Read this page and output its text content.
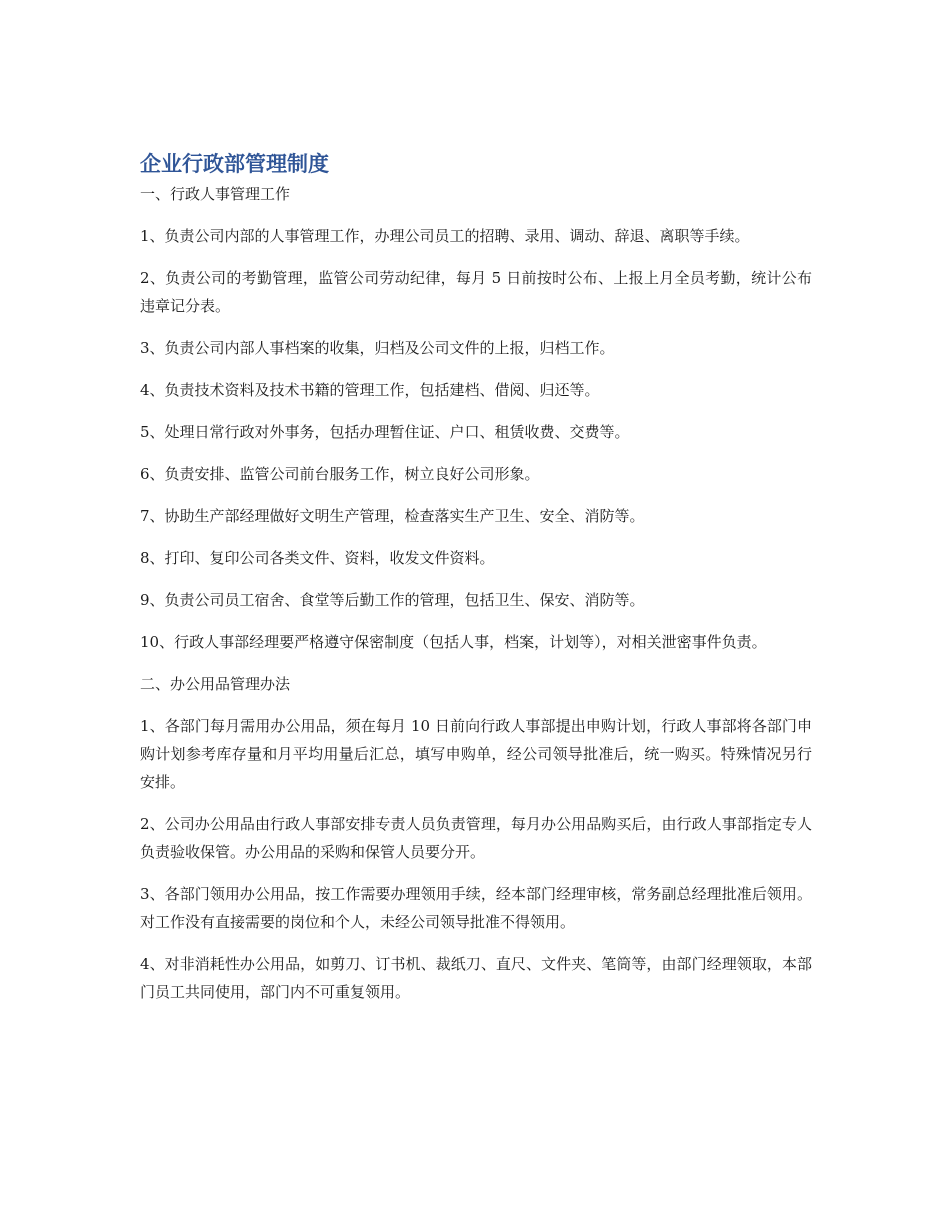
企业行政部管理制度

一、行政人事管理工作

1、负责公司内部的人事管理工作，办理公司员工的招聘、录用、调动、辞退、离职等手续。

2、负责公司的考勤管理，监管公司劳动纪律，每月 5 日前按时公布、上报上月全员考勤，统计公布违章记分表。

3、负责公司内部人事档案的收集，归档及公司文件的上报，归档工作。

4、负责技术资料及技术书籍的管理工作，包括建档、借阅、归还等。

5、处理日常行政对外事务，包括办理暂住证、户口、租赁收费、交费等。

6、负责安排、监管公司前台服务工作，树立良好公司形象。

7、协助生产部经理做好文明生产管理，检查落实生产卫生、安全、消防等。

8、打印、复印公司各类文件、资料，收发文件资料。

9、负责公司员工宿舍、食堂等后勤工作的管理，包括卫生、保安、消防等。

10、行政人事部经理要严格遵守保密制度（包括人事，档案，计划等），对相关泄密事件负责。

二、办公用品管理办法

1、各部门每月需用办公用品，须在每月 10 日前向行政人事部提出申购计划，行政人事部将各部门申购计划参考库存量和月平均用量后汇总，填写申购单，经公司领导批准后，统一购买。特殊情况另行安排。

2、公司办公用品由行政人事部安排专责人员负责管理，每月办公用品购买后，由行政人事部指定专人负责验收保管。办公用品的采购和保管人员要分开。

3、各部门领用办公用品，按工作需要办理领用手续，经本部门经理审核，常务副总经理批准后领用。对工作没有直接需要的岗位和个人，未经公司领导批准不得领用。

4、对非消耗性办公用品，如剪刀、订书机、裁纸刀、直尺、文件夹、笔筒等，由部门经理领取，本部门员工共同使用，部门内不可重复领用。
